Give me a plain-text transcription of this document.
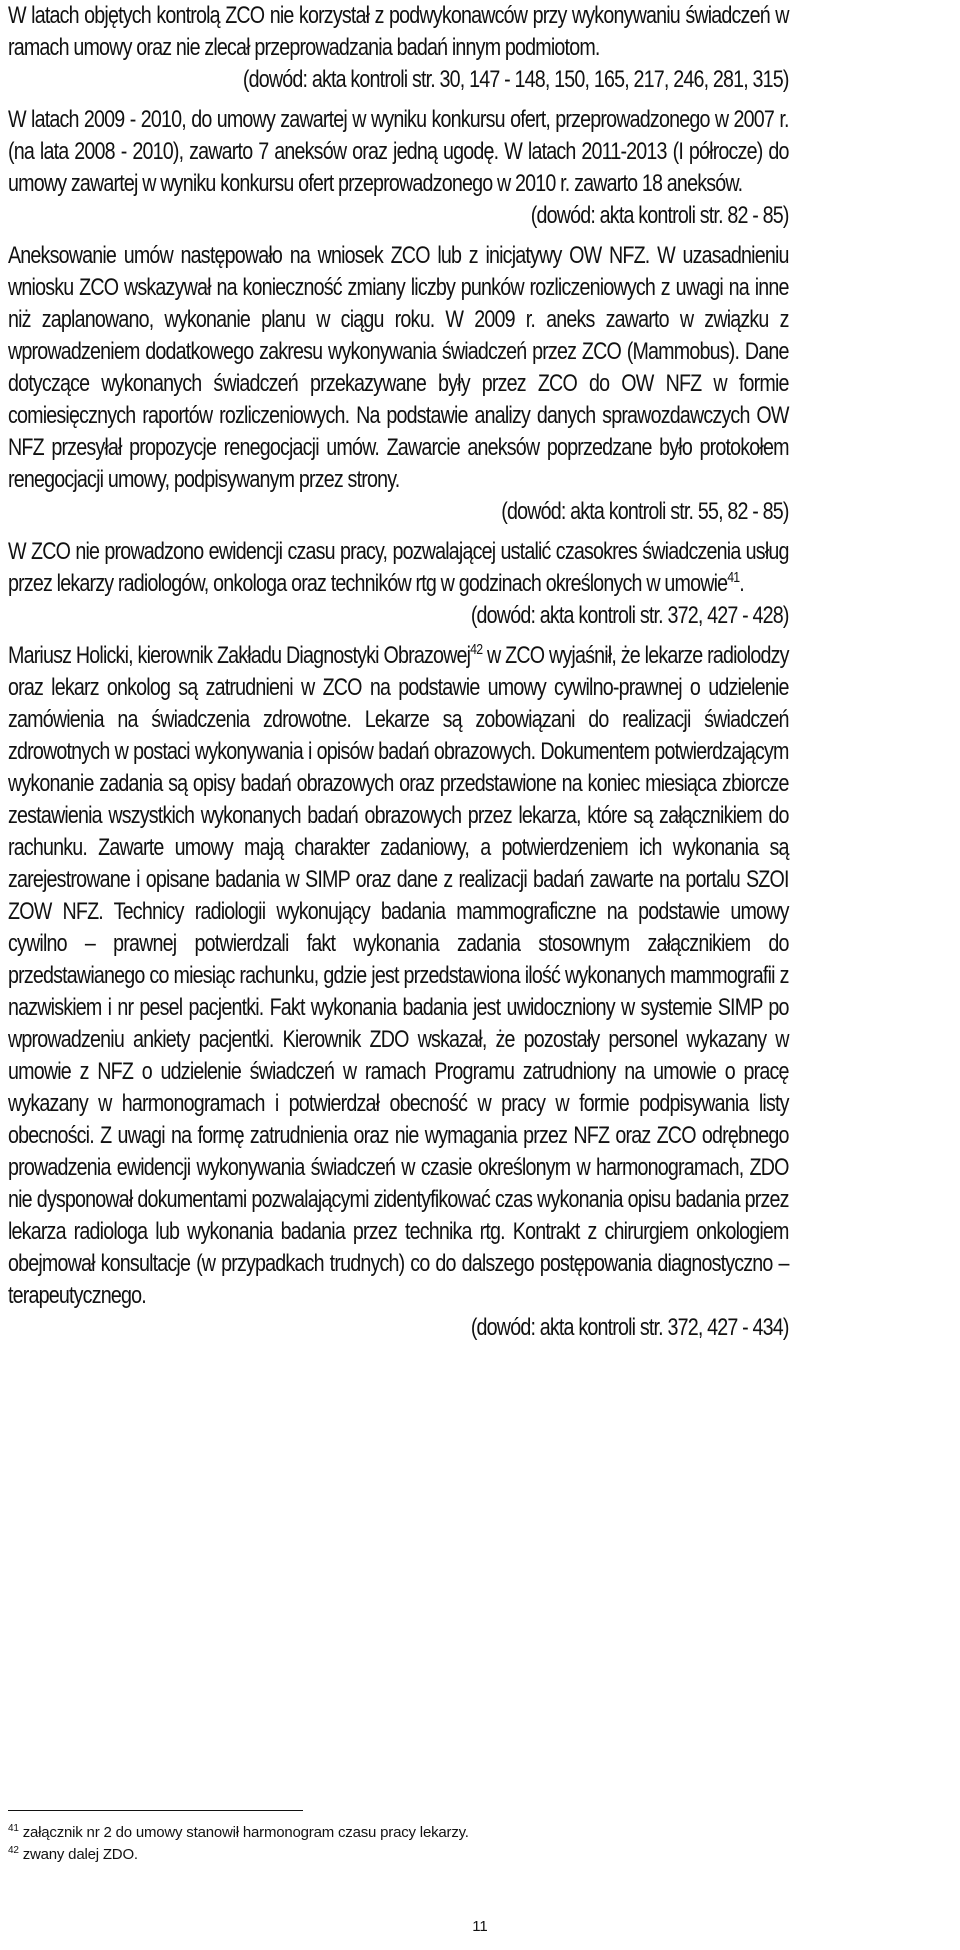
W latach objętych kontrolą ZCO nie korzystał z podwykonawców przy wykonywaniu świadczeń w ramach umowy oraz nie zlecał przeprowadzania badań innym podmiotom.

(dowód: akta kontroli str. 30, 147 - 148, 150, 165, 217, 246, 281, 315)

W latach 2009 - 2010, do umowy zawartej w wyniku konkursu ofert, przeprowadzonego w 2007 r. (na lata 2008 - 2010), zawarto 7 aneksów oraz jedną ugodę. W latach 2011-2013 (I półrocze) do umowy zawartej w wyniku konkursu ofert przeprowadzonego w 2010 r. zawarto 18 aneksów.

(dowód: akta kontroli str. 82 - 85)

Aneksowanie umów następowało na wniosek ZCO lub z inicjatywy OW NFZ. W uzasadnieniu wniosku ZCO wskazywał na konieczność zmiany liczby punków rozliczeniowych z uwagi na inne niż zaplanowano, wykonanie planu w ciągu roku. W 2009 r. aneks zawarto w związku z wprowadzeniem dodatkowego zakresu wykonywania świadczeń przez ZCO (Mammobus). Dane dotyczące wykonanych świadczeń przekazywane były przez ZCO do OW NFZ w formie comiesięcznych raportów rozliczeniowych. Na podstawie analizy danych sprawozdawczych OW NFZ przesyłał propozycje renegocjacji umów. Zawarcie aneksów poprzedzane było protokołem renegocjacji umowy, podpisywanym przez strony.

(dowód: akta kontroli str. 55, 82 - 85)

W ZCO nie prowadzono ewidencji czasu pracy, pozwalającej ustalić czasokres świadczenia usług przez lekarzy radiologów, onkologa oraz techników rtg w godzinach określonych w umowie$^{41}$.

(dowód: akta kontroli str. 372, 427 - 428)

Mariusz Holicki, kierownik Zakładu Diagnostyki Obrazowej$^{42}$ w ZCO wyjaśnił, że lekarze radiolodzy oraz lekarz onkolog są zatrudnieni w ZCO na podstawie umowy cywilno-prawnej o udzielenie zamówienia na świadczenia zdrowotne. Lekarze są zobowiązani do realizacji świadczeń zdrowotnych w postaci wykonywania i opisów badań obrazowych. Dokumentem potwierdzającym wykonanie zadania są opisy badań obrazowych oraz przedstawione na koniec miesiąca zbiorcze zestawienia wszystkich wykonanych badań obrazowych przez lekarza, które są załącznikiem do rachunku. Zawarte umowy mają charakter zadaniowy, a potwierdzeniem ich wykonania są zarejestrowane i opisane badania w SIMP oraz dane z realizacji badań zawarte na portalu SZOI ZOW NFZ. Technicy radiologii wykonujący badania mammograficzne na podstawie umowy cywilno – prawnej potwierdzali fakt wykonania zadania stosownym załącznikiem do przedstawianego co miesiąc rachunku, gdzie jest przedstawiona ilość wykonanych mammografii z nazwiskiem i nr pesel pacjentki. Fakt wykonania badania jest uwidoczniony w systemie SIMP po wprowadzeniu ankiety pacjentki. Kierownik ZDO wskazał, że pozostały personel wykazany w umowie z NFZ o udzielenie świadczeń w ramach Programu zatrudniony na umowie o pracę wykazany w harmonogramach i potwierdzał obecność w pracy w formie podpisywania listy obecności. Z uwagi na formę zatrudnienia oraz nie wymagania przez NFZ oraz ZCO odrębnego prowadzenia ewidencji wykonywania świadczeń w czasie określonym w harmonogramach, ZDO nie dysponował dokumentami pozwalającymi zidentyfikować czas wykonania opisu badania przez lekarza radiologa lub wykonania badania przez technika rtg. Kontrakt z chirurgiem onkologiem obejmował konsultacje (w przypadkach trudnych) co do dalszego postępowania diagnostyczno – terapeutycznego.

(dowód: akta kontroli str. 372, 427 - 434)

$^{41}$ załącznik nr 2 do umowy stanowił harmonogram czasu pracy lekarzy.

$^{42}$ zwany dalej ZDO.

11
